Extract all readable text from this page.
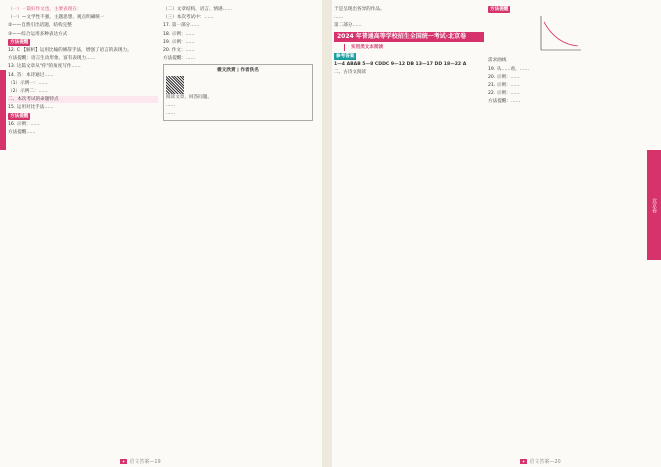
（一）一篇好作文也，主要表现在：

（一）—文学性不强，主题思想、观点明确统一

②——自然引出话题，结构完整

③——综合运用多种表达方式

方法提醒

12. C 【解析】运用比喻的修辞手法，增强了语言的表现力。

方法提醒：语言生动形象，富有表现力……

13. 这篇文章从"你"的角度写作……

14. 答：本诗通过……

（1）示例一：……

（2）示例二：……

二、本次考试的命题特点

15. 运用对比手法……

方法提醒

16. 示例：……

方法提醒……

（二）文章结构、语言、情感……

（三）本次考试中：……

17. 第一部分……

18. 示例：……

19. 示例：……

20. 作文：……

方法提醒：……

微文欣赏 | 作者佚名

阅读文章，回答问题。

……

……

于是呈现出各异的作品。

……

第二部分……

2024 年普通高等学校招生全国统一考试·北京卷

实用类文本阅读

参考答案

1—4 ABAB 5—8 CDDC 9—12 DB 13—17 DD 18—22 A

二、古诗文阅读

方法提醒

需求曲线

19. 从……看，……

20. 示例：……

21. 示例：……

22. 示例：……

方法提醒：……

北京卷
✦ 语文答案—19	✦ 语文答案—20
